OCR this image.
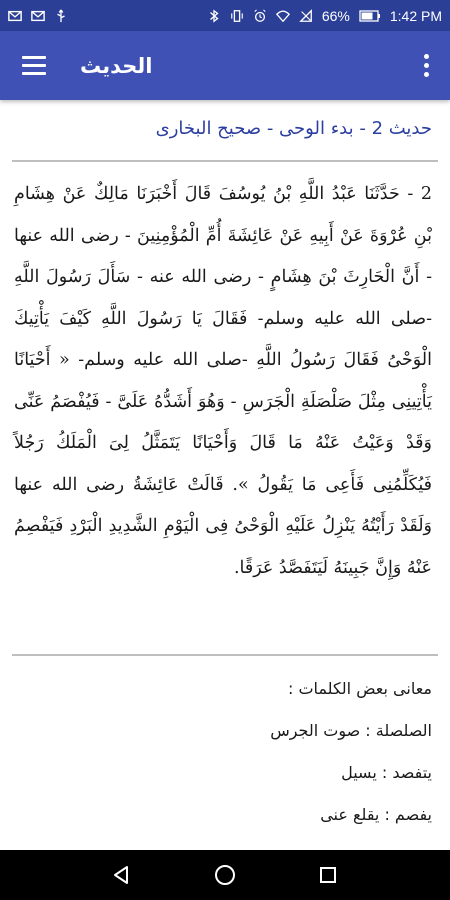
66%	1:42 PM
الحديث
حديث 2 - بدء الوحى - صحيح البخارى
2 - حَدَّثَنَا عَبْدُ اللَّهِ بْنُ يُوسُفَ قَالَ أَخْبَرَنَا مَالِكٌ عَنْ هِشَامِ بْنِ عُرْوَةَ عَنْ أَبِيهِ عَنْ عَائِشَةَ أُمِّ الْمُؤْمِنِينَ - رضى الله عنها - أَنَّ الْحَارِثَ بْنَ هِشَامٍ - رضى الله عنه - سَأَلَ رَسُولَ اللَّهِ -صلى الله عليه وسلم- فَقَالَ يَا رَسُولَ اللَّهِ كَيْفَ يَأْتِيكَ الْوَحْىُ فَقَالَ رَسُولُ اللَّهِ -صلى الله عليه وسلم- « أَحْيَانًا يَأْتِينِى مِثْلَ صَلْصَلَةِ الْجَرَسِ - وَهُوَ أَشَدُّهُ عَلَىَّ - فَيُفْصَمُ عَنِّى وَقَدْ وَعَيْتُ عَنْهُ مَا قَالَ وَأَحْيَانًا يَتَمَثَّلُ لِىَ الْمَلَكُ رَجُلاً فَيُكَلِّمُنِى فَأَعِى مَا يَقُولُ ». قَالَتْ عَائِشَةُ رضى الله عنها وَلَقَدْ رَأَيْتُهُ يَنْزِلُ عَلَيْهِ الْوَحْىُ فِى الْيَوْمِ الشَّدِيدِ الْبَرْدِ فَيَفْصِمُ عَنْهُ وَإِنَّ جَبِينَهُ لَيَتَفَصَّدُ عَرَقًا.
معانى بعض الكلمات :
الصلصلة : صوت الجرس
يتفصد : يسيل
يفصم : يقلع عنى
